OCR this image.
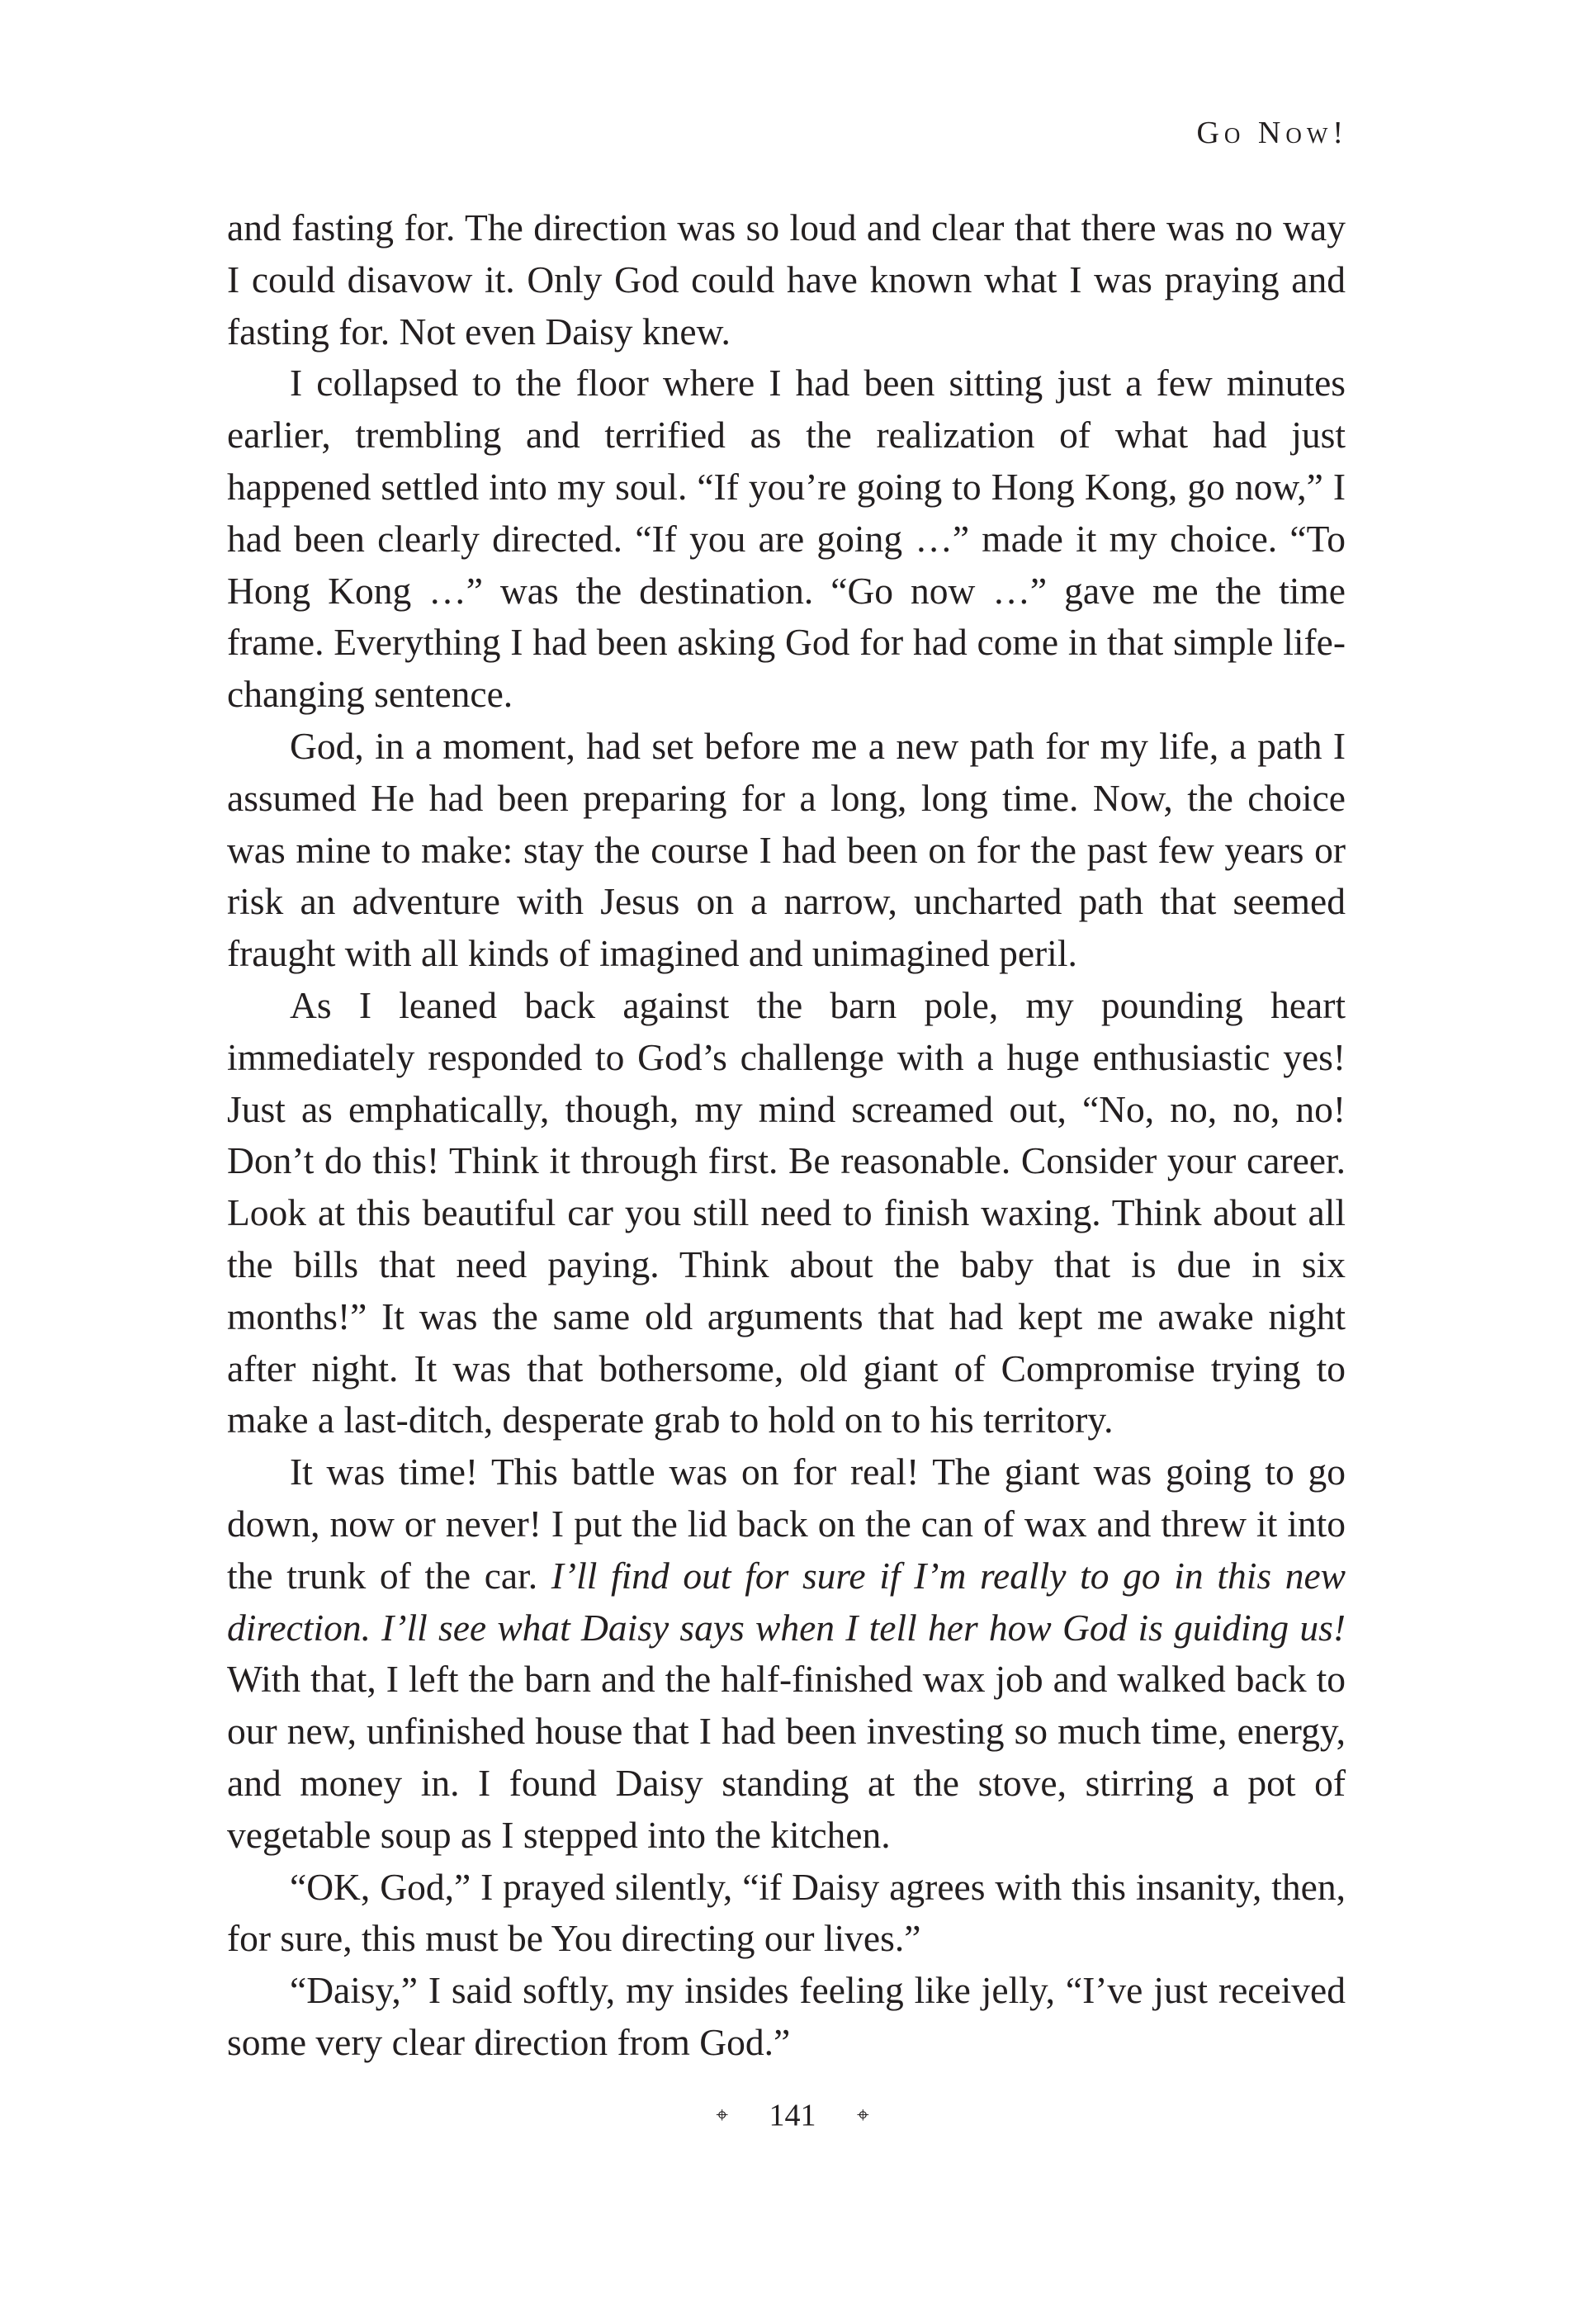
Go Now!

and fasting for. The direction was so loud and clear that there was no way I could disavow it. Only God could have known what I was praying and fasting for. Not even Daisy knew.

I collapsed to the floor where I had been sitting just a few minutes earlier, trembling and terrified as the realization of what had just happened settled into my soul. “If you’re going to Hong Kong, go now,” I had been clearly directed. “If you are going …” made it my choice. “To Hong Kong …” was the destination. “Go now …” gave me the time frame. Everything I had been asking God for had come in that simple life-changing sentence.

God, in a moment, had set before me a new path for my life, a path I assumed He had been preparing for a long, long time. Now, the choice was mine to make: stay the course I had been on for the past few years or risk an adventure with Jesus on a narrow, uncharted path that seemed fraught with all kinds of imagined and unimagined peril.

As I leaned back against the barn pole, my pounding heart immediately responded to God’s challenge with a huge enthusiastic yes! Just as emphatically, though, my mind screamed out, “No, no, no, no! Don’t do this! Think it through first. Be reasonable. Consider your career. Look at this beautiful car you still need to finish waxing. Think about all the bills that need paying. Think about the baby that is due in six months!” It was the same old arguments that had kept me awake night after night. It was that bothersome, old giant of Compromise trying to make a last-ditch, desperate grab to hold on to his territory.

It was time! This battle was on for real! The giant was going to go down, now or never! I put the lid back on the can of wax and threw it into the trunk of the car. I’ll find out for sure if I’m really to go in this new direction. I’ll see what Daisy says when I tell her how God is guiding us! With that, I left the barn and the half-finished wax job and walked back to our new, unfinished house that I had been investing so much time, energy, and money in. I found Daisy standing at the stove, stirring a pot of vegetable soup as I stepped into the kitchen.

“OK, God,” I prayed silently, “if Daisy agrees with this insanity, then, for sure, this must be You directing our lives.”

“Daisy,” I said softly, my insides feeling like jelly, “I’ve just received some very clear direction from God.”

⌖ 141 ⌖
